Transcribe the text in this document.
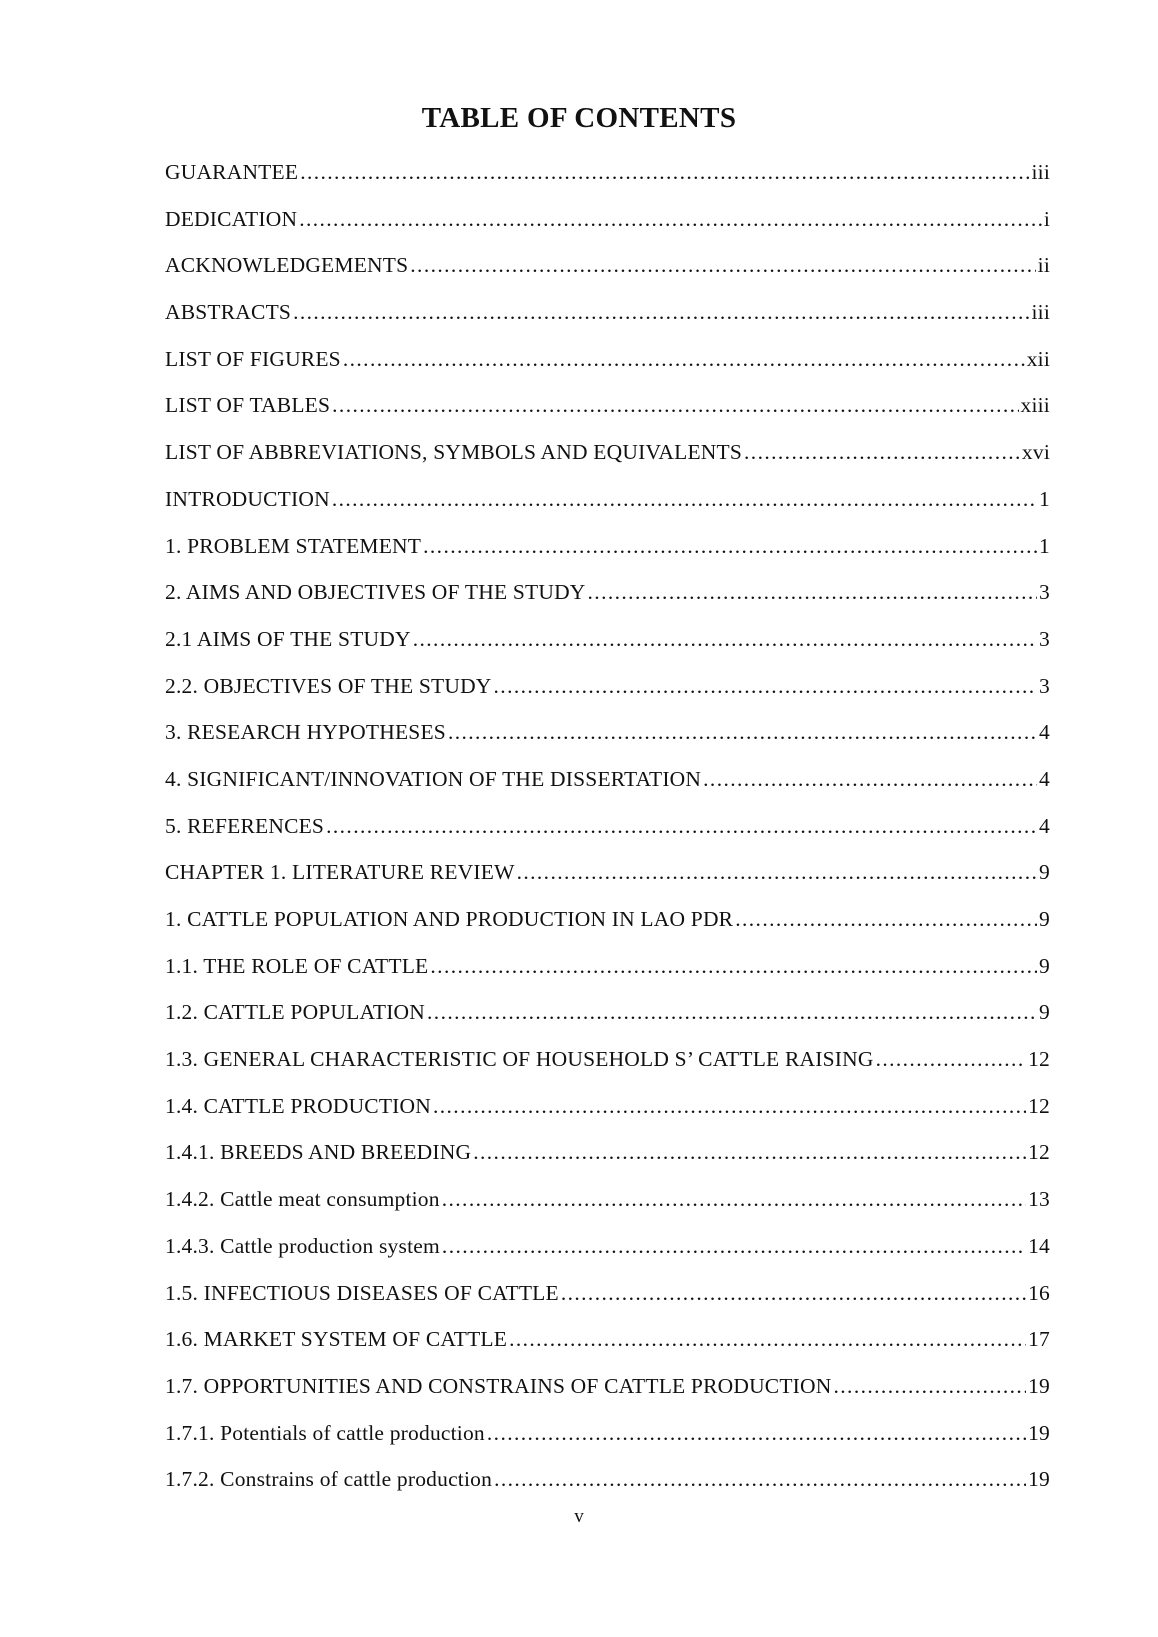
TABLE OF CONTENTS
GUARANTEE .....	iii
DEDICATION .....	i
ACKNOWLEDGEMENTS .....	ii
ABSTRACTS .....	iii
LIST OF FIGURES .....	xii
LIST OF TABLES .....	xiii
LIST OF ABBREVIATIONS, SYMBOLS AND EQUIVALENTS .....	xvi
INTRODUCTION .....	1
1. PROBLEM STATEMENT .....	1
2. AIMS AND OBJECTIVES OF THE STUDY .....	3
2.1 AIMS OF THE STUDY .....	3
2.2. OBJECTIVES OF THE STUDY .....	3
3. RESEARCH HYPOTHESES .....	4
4. SIGNIFICANT/INNOVATION OF THE DISSERTATION .....	4
5. REFERENCES .....	4
CHAPTER 1. LITERATURE REVIEW .....	9
1. CATTLE POPULATION AND PRODUCTION IN LAO PDR .....	9
1.1. THE ROLE OF CATTLE .....	9
1.2. CATTLE POPULATION .....	9
1.3. GENERAL CHARACTERISTIC OF HOUSEHOLD S’ CATTLE RAISING .....	12
1.4. CATTLE PRODUCTION .....	12
1.4.1. BREEDS AND BREEDING .....	12
1.4.2. Cattle meat consumption .....	13
1.4.3. Cattle production system .....	14
1.5. INFECTIOUS DISEASES OF CATTLE .....	16
1.6. MARKET SYSTEM OF CATTLE .....	17
1.7. OPPORTUNITIES AND CONSTRAINS OF CATTLE PRODUCTION .....	19
1.7.1. Potentials of cattle production .....	19
1.7.2. Constrains of cattle production .....	19
v
